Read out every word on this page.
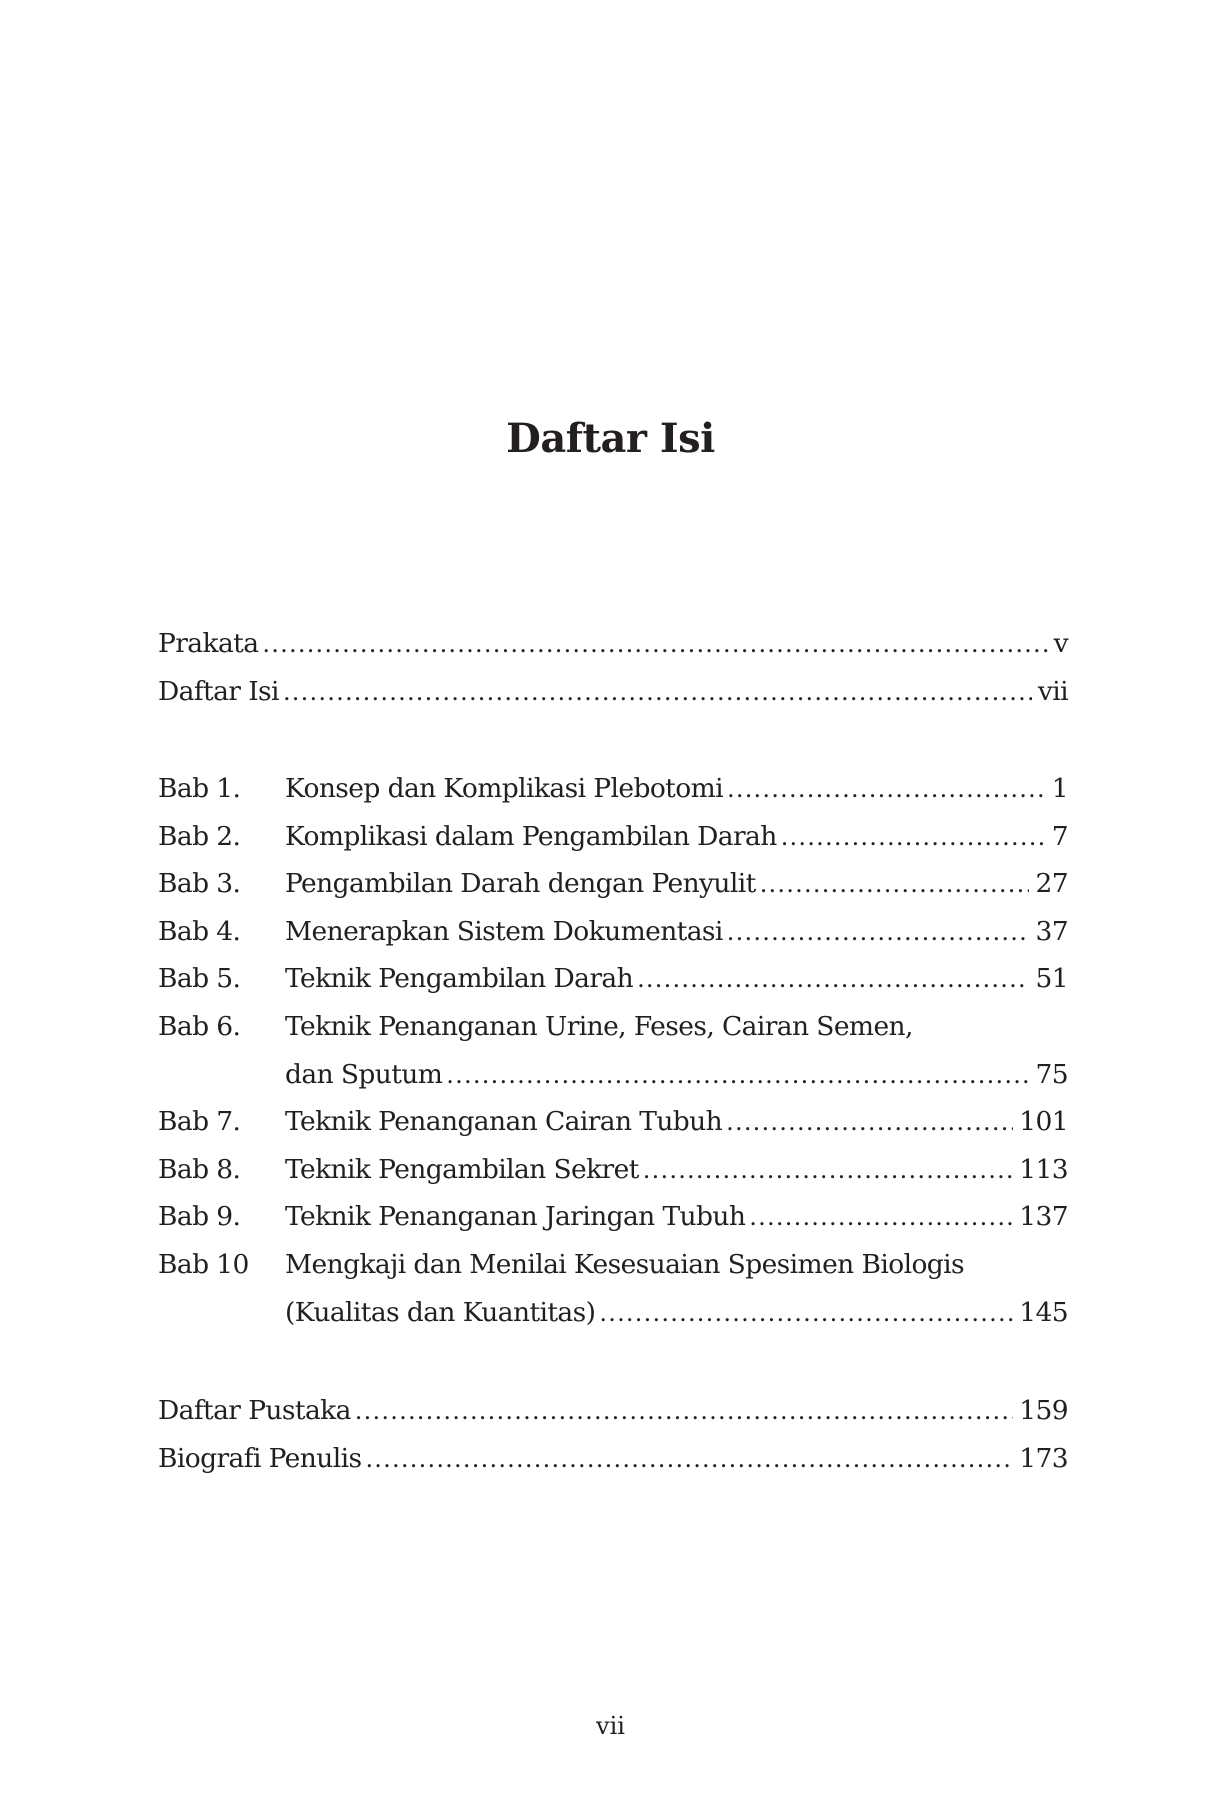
Daftar Isi
Prakata . . .	v
Daftar Isi . . .	vii
Bab 1.	Konsep dan Komplikasi Plebotomi . . .	1
Bab 2.	Komplikasi dalam Pengambilan Darah . . .	7
Bab 3.	Pengambilan Darah dengan Penyulit . . .	27
Bab 4.	Menerapkan Sistem Dokumentasi . . .	37
Bab 5.	Teknik Pengambilan Darah . . .	51
Bab 6.	Teknik Penanganan Urine, Feses, Cairan Semen,
dan Sputum . . .	75
Bab 7.	Teknik Penanganan Cairan Tubuh . . .	101
Bab 8.	Teknik Pengambilan Sekret . . .	113
Bab 9.	Teknik Penanganan Jaringan Tubuh . . .	137
Bab 10	Mengkaji dan Menilai Kesesuaian Spesimen Biologis
(Kualitas dan Kuantitas) . . .	145
Daftar Pustaka . . .	159
Biografi Penulis . . .	173
vii
